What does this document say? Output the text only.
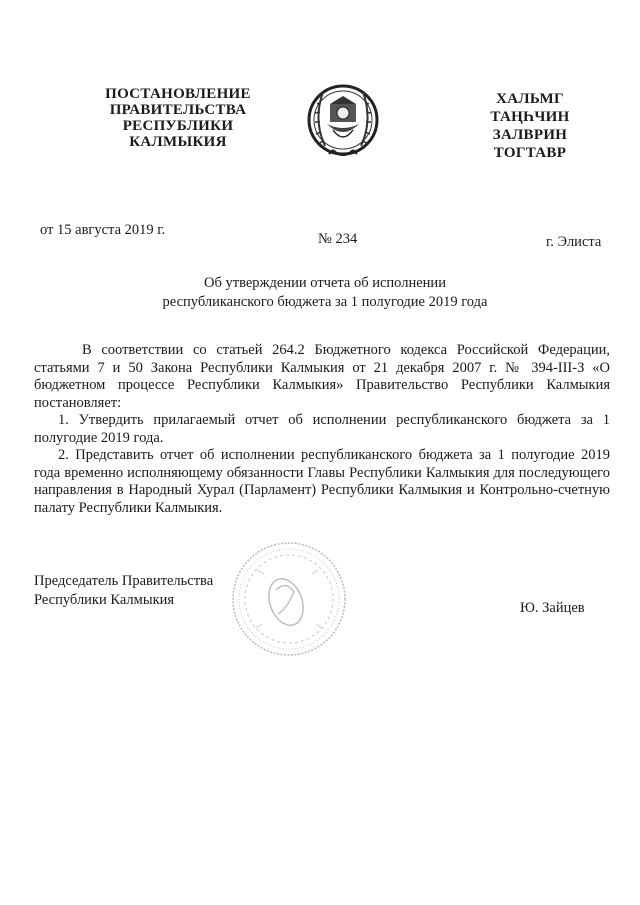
ПОСТАНОВЛЕНИЕ
ПРАВИТЕЛЬСТВА
РЕСПУБЛИКИ
КАЛМЫКИЯ
ХАЛЬМГ
ТАҢҺЧИН
ЗАЛВРИН
ТОГТАВР
от 15 августа 2019 г.
№ 234	г. Элиста
Об утверждении отчета об исполнении
республиканского бюджета за 1 полугодие 2019 года

В соответствии со статьей 264.2 Бюджетного кодекса Российской Федерации, статьями 7 и 50 Закона Республики Калмыкия от 21 декабря 2007 г. № 394-III-З «О бюджетном процессе Республики Калмыкия» Правительство Республики Калмыкия постановляет:

1. Утвердить прилагаемый отчет об исполнении республиканского бюджета за 1 полугодие 2019 года.

2. Представить отчет об исполнении республиканского бюджета за 1 полугодие 2019 года временно исполняющему обязанности Главы Республики Калмыкия для последующего направления в Народный Хурал (Парламент) Республики Калмыкия и Контрольно-счетную палату Республики Калмыкия.

Председатель Правительства
Республики Калмыкия	Ю. Зайцев
